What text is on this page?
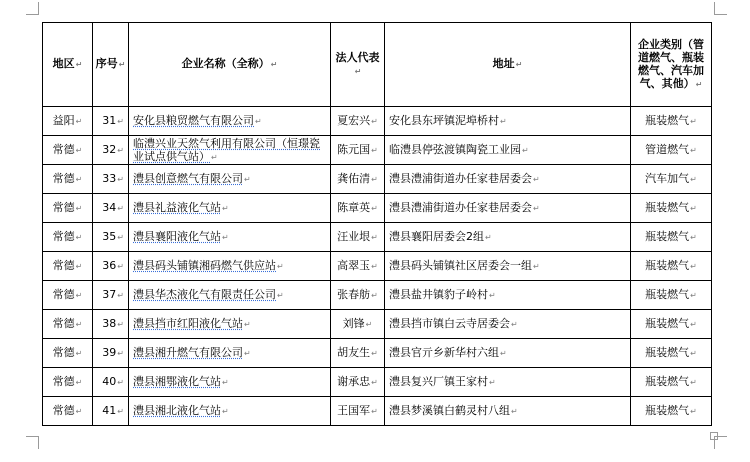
地区↵	序号↵	企业名称（全称）↵	法人代表↵	地址↵	企业类别（管道燃气、瓶装燃气、汽车加气、其他）↵
益阳↵	31↵	安化县粮贸燃气有限公司↵	夏宏兴↵	安化县东坪镇泥埠桥村↵	瓶装燃气↵
常德↵	32↵	临澧兴业天然气利用有限公司（恒璟瓷业试点供气站）↵	陈元国↵	临澧县停弦渡镇陶瓷工业园↵	管道燃气↵
常德↵	33↵	澧县创意燃气有限公司↵	龚佑清↵	澧县澧浦街道办任家巷居委会↵	汽车加气↵
常德↵	34↵	澧县礼益液化气站↵	陈章英↵	澧县澧浦街道办任家巷居委会↵	瓶装燃气↵
常德↵	35↵	澧县襄阳液化气站↵	汪业垠↵	澧县襄阳居委会2组↵	瓶装燃气↵
常德↵	36↵	澧县码头铺镇湘码燃气供应站↵	高翠玉↵	澧县码头铺镇社区居委会一组↵	瓶装燃气↵
常德↵	37↵	澧县华杰液化气有限责任公司↵	张春舫↵	澧县盐井镇豹子岭村↵	瓶装燃气↵
常德↵	38↵	澧县挡市红阳液化气站↵	刘锋↵	澧县挡市镇白云寺居委会↵	瓶装燃气↵
常德↵	39↵	澧县湘升燃气有限公司↵	胡友生↵	澧县官亓乡新华村六组↵	瓶装燃气↵
常德↵	40↵	澧县湘鄂液化气站↵	谢承忠↵	澧县复兴厂镇王家村↵	瓶装燃气↵
常德↵	41↵	澧县湘北液化气站↵	王国军↵	澧县梦溪镇白鹤灵村八组↵	瓶装燃气↵
